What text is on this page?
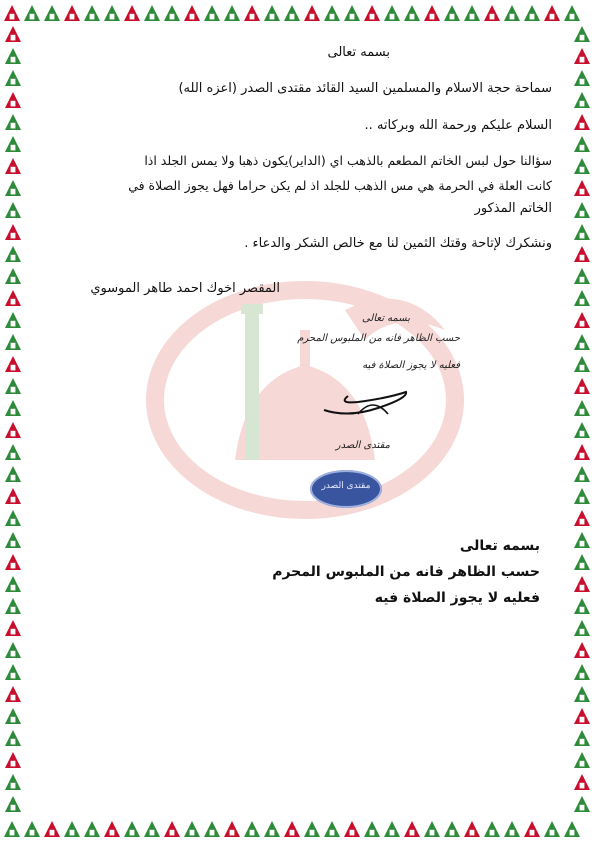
بسمه تعالى
سماحة حجة الاسلام والمسلمين السيد القائد مقتدى الصدر (اعزه الله)
السلام عليكم ورحمة الله وبركاته ..
سؤالنا حول لبس الخاتم المطعم بالذهب اي (الداير)يكون ذهبا ولا يمس الجلد اذا
كانت العلة في الحرمة هي مس الذهب للجلد اذ لم يكن حراما فهل يجوز الصلاة في
الخاتم المذكور
ونشكرك لإتاحة وقتك الثمين لنا مع خالص الشكر والدعاء .
المقصر اخوك احمد طاهر الموسوي
بسمه تعالى
حسب الظاهر فانه من الملبوس المحرم
فعليه لا يجوز الصلاة فيه
مقتدى الصدر
مقتدى الصدر
بسمه تعالى
حسب الظاهر فانه من الملبوس المحرم
فعليه لا يجوز الصلاة فيه
